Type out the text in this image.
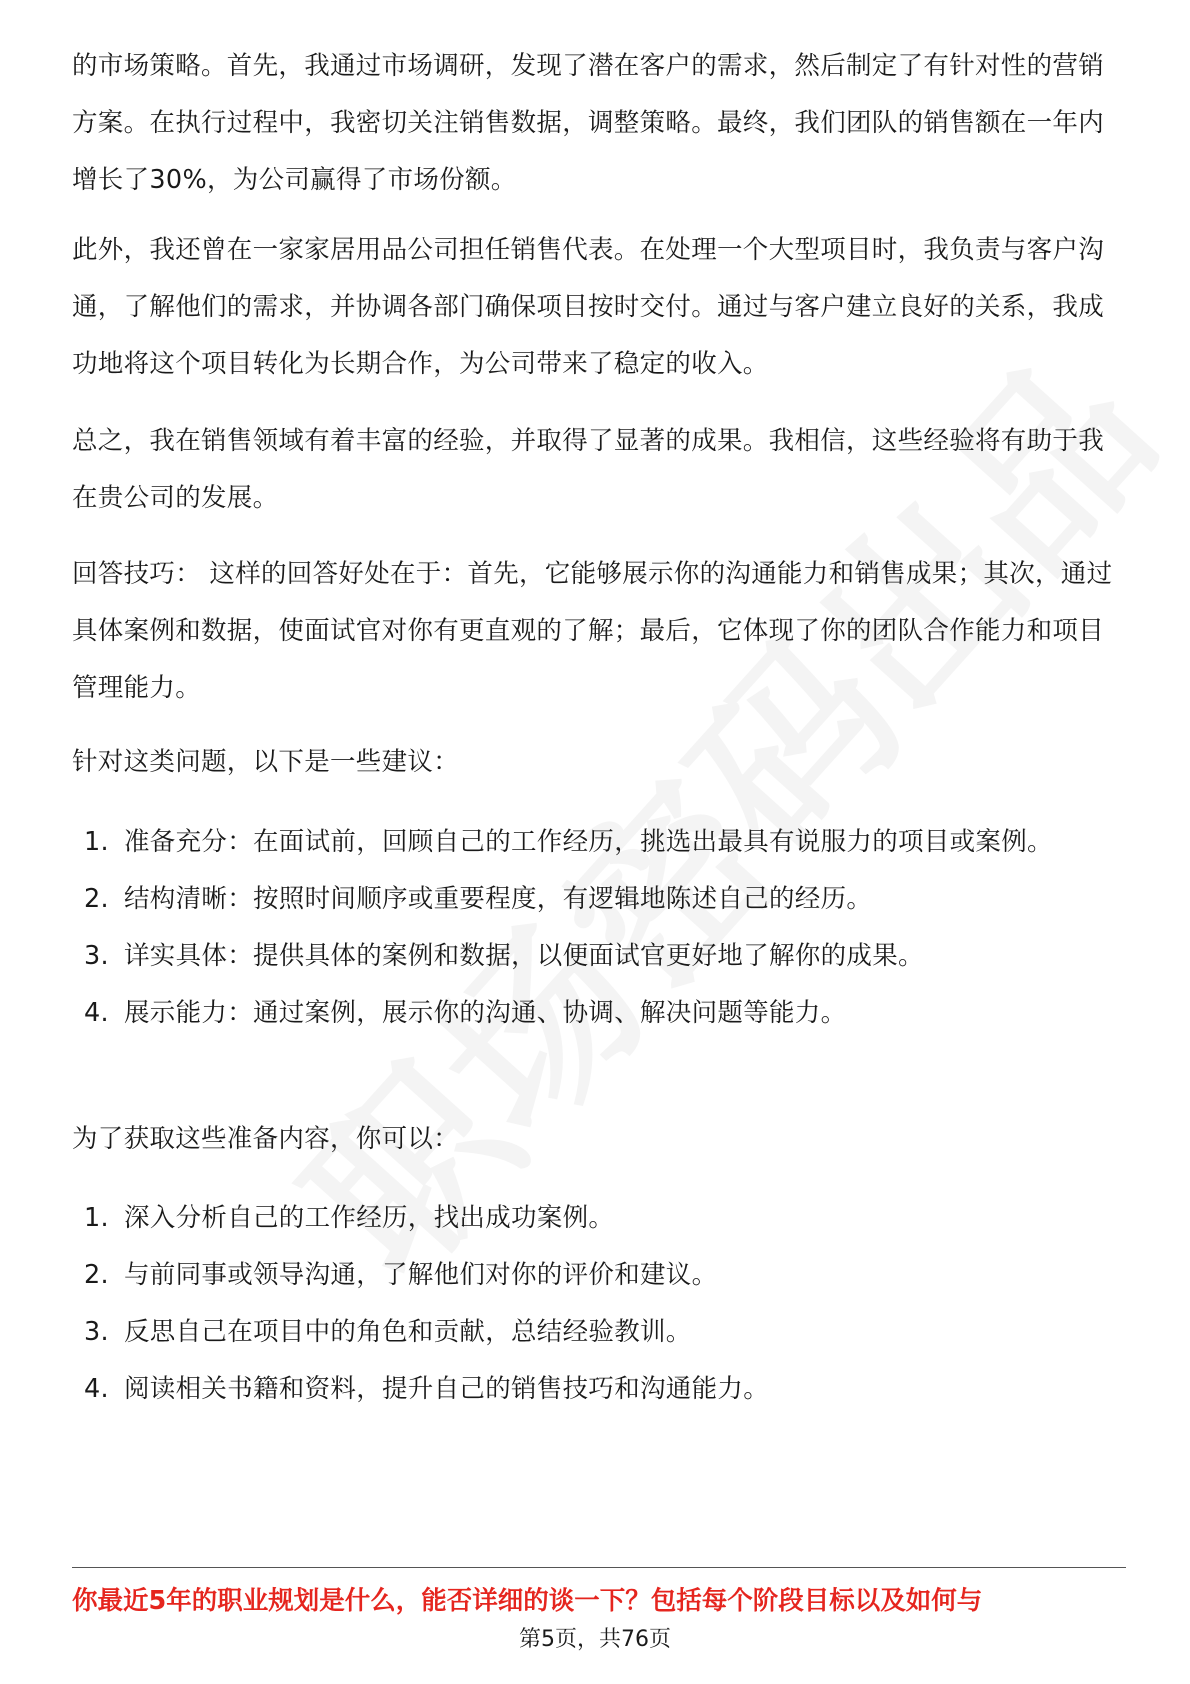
的市场策略。首先，我通过市场调研，发现了潜在客户的需求，然后制定了有针对性的营销方案。在执行过程中，我密切关注销售数据，调整策略。最终，我们团队的销售额在一年内增长了30%，为公司赢得了市场份额。

此外，我还曾在一家家居用品公司担任销售代表。在处理一个大型项目时，我负责与客户沟通，了解他们的需求，并协调各部门确保项目按时交付。通过与客户建立良好的关系，我成功地将这个项目转化为长期合作，为公司带来了稳定的收入。

总之，我在销售领域有着丰富的经验，并取得了显著的成果。我相信，这些经验将有助于我在贵公司的发展。

回答技巧： 这样的回答好处在于：首先，它能够展示你的沟通能力和销售成果；其次，通过具体案例和数据，使面试官对你有更直观的了解；最后，它体现了你的团队合作能力和项目管理能力。

针对这类问题，以下是一些建议：

1. 准备充分：在面试前，回顾自己的工作经历，挑选出最具有说服力的项目或案例。
2. 结构清晰：按照时间顺序或重要程度，有逻辑地陈述自己的经历。
3. 详实具体：提供具体的案例和数据，以便面试官更好地了解你的成果。
4. 展示能力：通过案例，展示你的沟通、协调、解决问题等能力。

为了获取这些准备内容，你可以：

1. 深入分析自己的工作经历，找出成功案例。
2. 与前同事或领导沟通，了解他们对你的评价和建议。
3. 反思自己在项目中的角色和贡献，总结经验教训。
4. 阅读相关书籍和资料，提升自己的销售技巧和沟通能力。

你最近5年的职业规划是什么，能否详细的谈一下？包括每个阶段目标以及如何与

第5页，共76页
